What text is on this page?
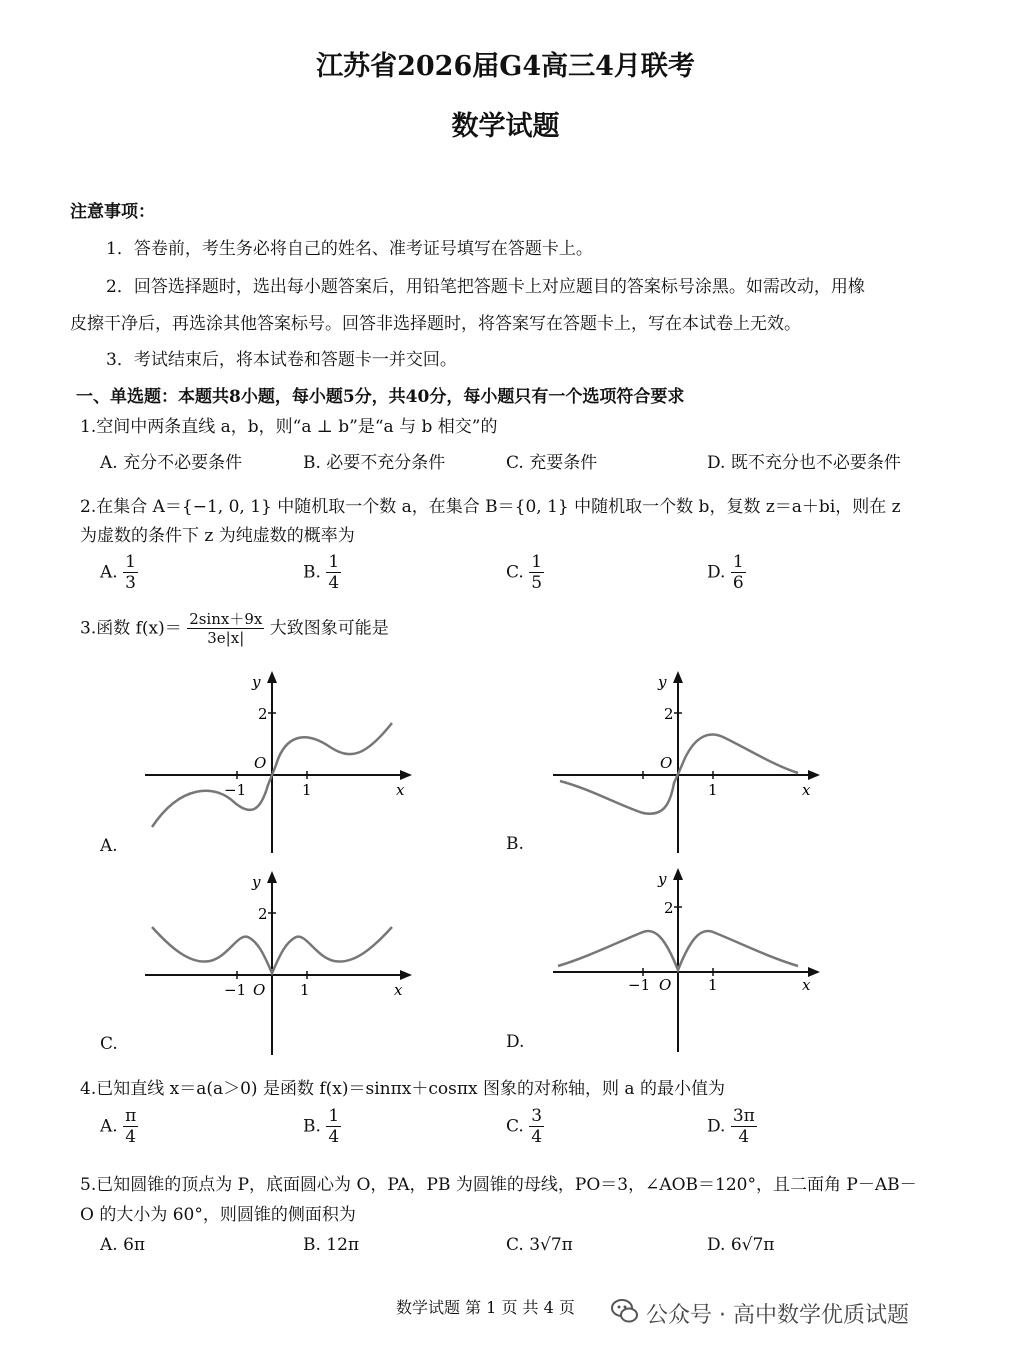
江苏省2026届G4高三4月联考
数学试题
注意事项：
1．答卷前，考生务必将自己的姓名、准考证号填写在答题卡上。
2．回答选择题时，选出每小题答案后，用铅笔把答题卡上对应题目的答案标号涂黑。如需改动，用橡
皮擦干净后，再选涂其他答案标号。回答非选择题时，将答案写在答题卡上，写在本试卷上无效。
3．考试结束后，将本试卷和答题卡一并交回。
一、单选题：本题共8小题，每小题5分，共40分，每小题只有一个选项符合要求
1.空间中两条直线 a，b，则“a ⊥ b”是“a 与 b 相交”的
A. 充分不必要条件	B. 必要不充分条件	C. 充要条件	D. 既不充分也不必要条件
2.在集合 A＝{−1, 0, 1} 中随机取一个数 a，在集合 B＝{0, 1} 中随机取一个数 b，复数 z＝a＋bi，则在 z
为虚数的条件下 z 为纯虚数的概率为
A. $\frac{1}{3}$	B. $\frac{1}{4}$	C. $\frac{1}{5}$	D. $\frac{1}{6}$
3.函数 $f(x)= \frac{2\sin x+9x}{3e|x|}$ 大致图象可能是
y
2
O
−1	1	x
A.
y
2
O
1	x
B.
y
2
−1 O 1	x
C.
y
2
−1 O 1	x
D.
4.已知直线 x＝a(a＞0) 是函数 f(x)＝sinπx＋cosπx 图象的对称轴，则 a 的最小值为
A. $\frac{\pi}{4}$	B. $\frac{1}{4}$	C. $\frac{3}{4}$	D. $\frac{3\pi}{4}$
5.已知圆锥的顶点为 P，底面圆心为 O，PA，PB 为圆锥的母线，PO＝3，∠AOB＝120°，且二面角 P－AB－
O 的大小为 60°，则圆锥的侧面积为
A. 6π	B. 12π	C. 3√7π	D. 6√7π
数学试题 第 1 页 共 4 页	公众号 · 高中数学优质试题
